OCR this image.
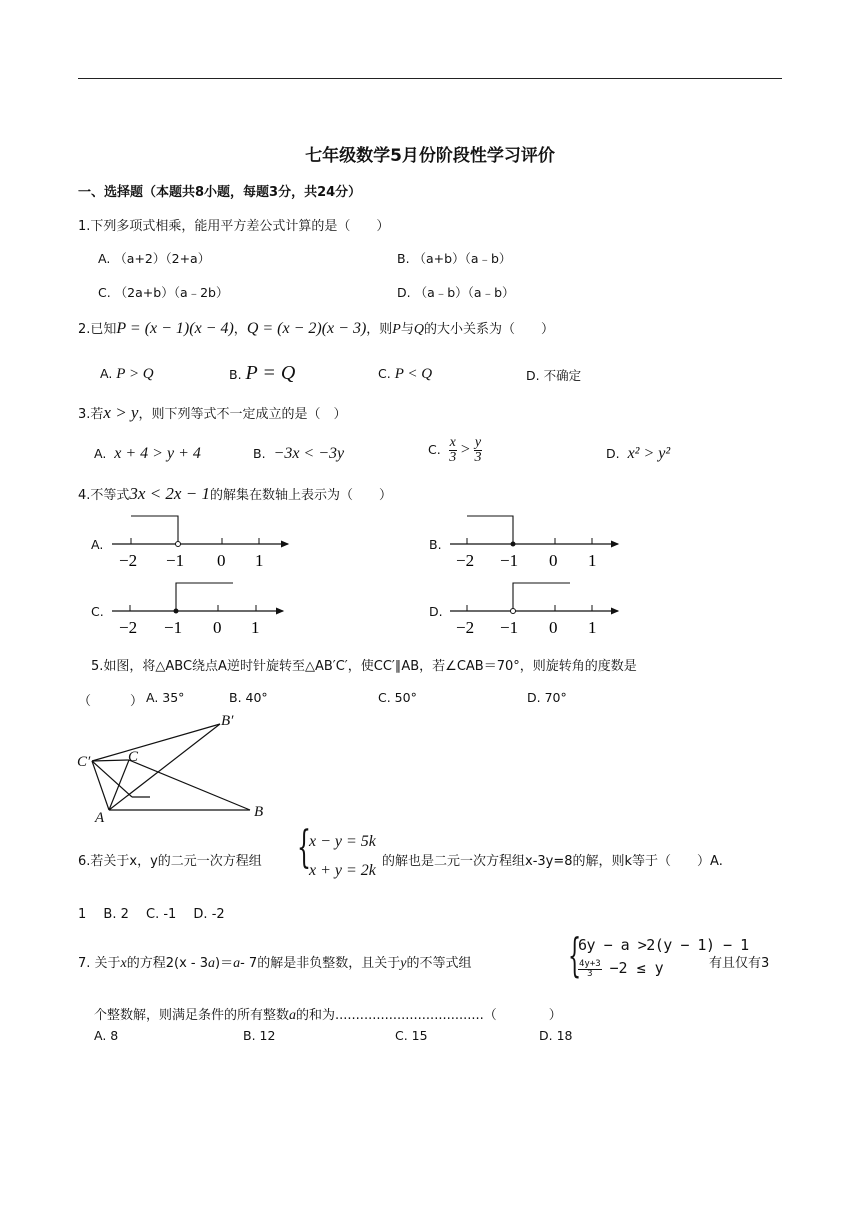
七年级数学5月份阶段性学习评价
一、选择题（本题共8小题，每题3分，共24分）
1.下列多项式相乘，能用平方差公式计算的是（　　）
A. （a+2）（2+a）	B. （a+b）（a﹣b）
C. （2a+b）（a﹣2b）	D. （a﹣b）（a﹣b）
2.已知P = (x − 1)(x − 4)，Q = (x − 2)(x − 3)，则P与Q的大小关系为（　　）
A. P > Q	B. P = Q	C. P < Q	D. 不确定
3.若x > y，则下列等式不一定成立的是（　）
A. x + 4 > y + 4	B. −3x < −3y	C. $\frac{x}{3} > \frac{y}{3}$	D. x² > y²
4.不等式3x < 2x − 1的解集在数轴上表示为（　　）
A.	B.
C.	D.
−2 −1 0 1	−2 −1 0 1
−2 −1 0 1	−2 −1 0 1
B′
C′	C
A	B
5.如图，将△ABC绕点A逆时针旋转至△AB′C′，使CC′∥AB，若∠CAB＝70°，则旋转角的度数是
（　　　） A. 35°	B. 40°	C. 50°	D. 70°
6.若关于x，y的二元一次方程组 {
x − y = 5k
x + y = 2k
的解也是二元一次方程组x-3y=8的解，则k等于（　　）A.
1　 B. 2　 C. -1　 D. -2
7. 关于x的方程2(x - 3a)＝a- 7的解是非负整数，且关于y的不等式组 {
6y − a >2(y − 1) − 1
$\frac{4y+3}{3} -2 \le y$	有且仅有3
个整数解，则满足条件的所有整数a的和为....................................（　　　　）
A. 8	B. 12	C. 15	D. 18
